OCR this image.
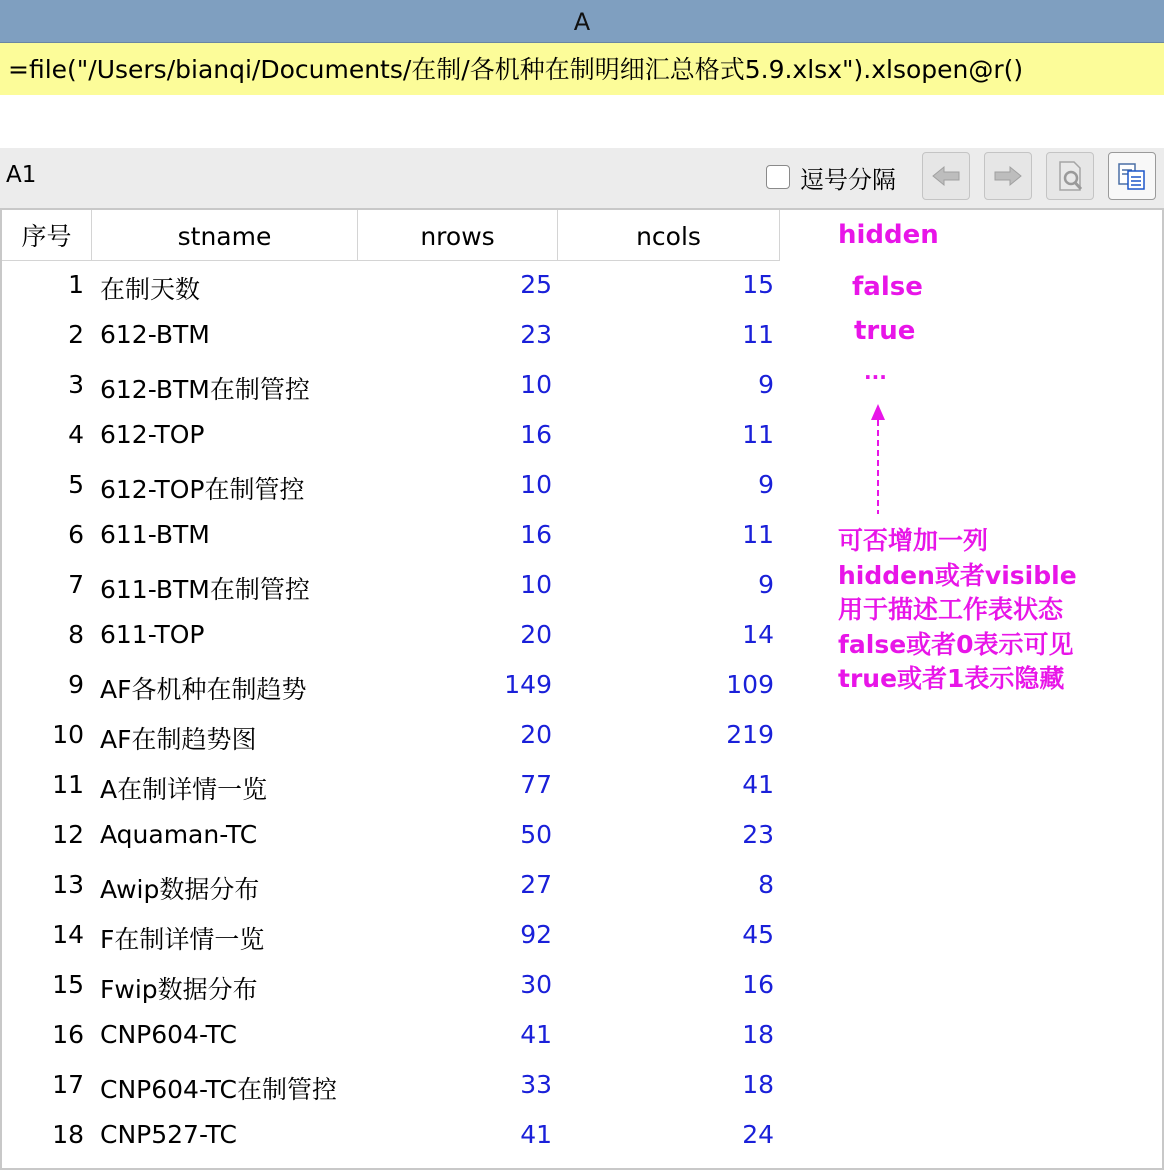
A
=file("/Users/bianqi/Documents/在制/各机种在制明细汇总格式5.9.xlsx").xlsopen@r()
A1	逗号分隔
序号	stname	nrows	ncols	hidden
1 在制天数	25	15
2 612-BTM	23	11
3 612-BTM在制管控	10	9
4 612-TOP	16	11
5 612-TOP在制管控	10	9
6 611-BTM	16	11
7 611-BTM在制管控	10	9
8 611-TOP	20	14
9 AF各机种在制趋势	149	109
10 AF在制趋势图	20	219
11 A在制详情一览	77	41
12 Aquaman-TC	50	23
13 Awip数据分布	27	8
14 F在制详情一览	92	45
15 Fwip数据分布	30	16
16 CNP604-TC	41	18
17 CNP604-TC在制管控	33	18
18 CNP527-TC	41	24
false
true
...
可否增加一列
hidden或者visible
用于描述工作表状态
false或者0表示可见
true或者1表示隐藏
